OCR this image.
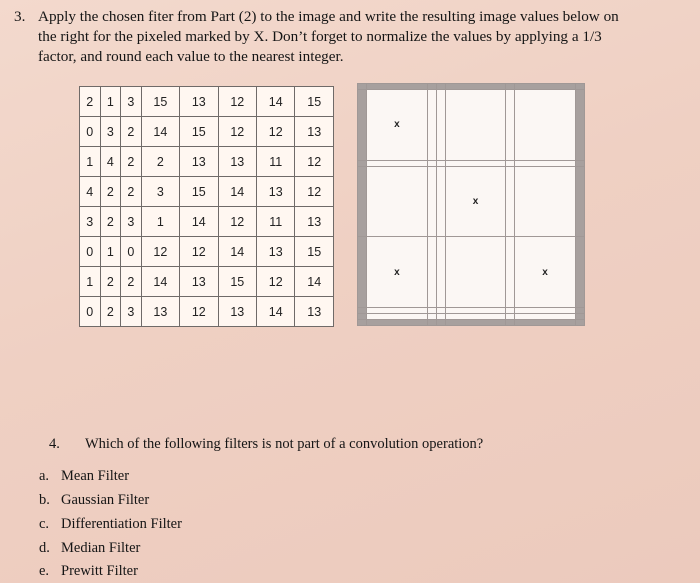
3. Apply the chosen fiter from Part (2) to the image and write the resulting image values below on
the right for the pixeled marked by X. Don’t forget to normalize the values by applying a 1/3
factor, and round each value to the nearest integer.
2	1	3	15	13	12	14	15
0	3	2	14	15	12	12	13
1	4	2	2	13	13	11	12
4	2	2	3	15	14	13	12
3	2	3	1	14	12	11	13
0	1	0	12	12	14	13	15
1	2	2	14	13	15	12	14
0	2	3	13	12	13	14	13

	x						

				x			
	x					x	

4. Which of the following filters is not part of a convolution operation?
a. Mean Filter
b. Gaussian Filter
c. Differentiation Filter
d. Median Filter
e. Prewitt Filter
